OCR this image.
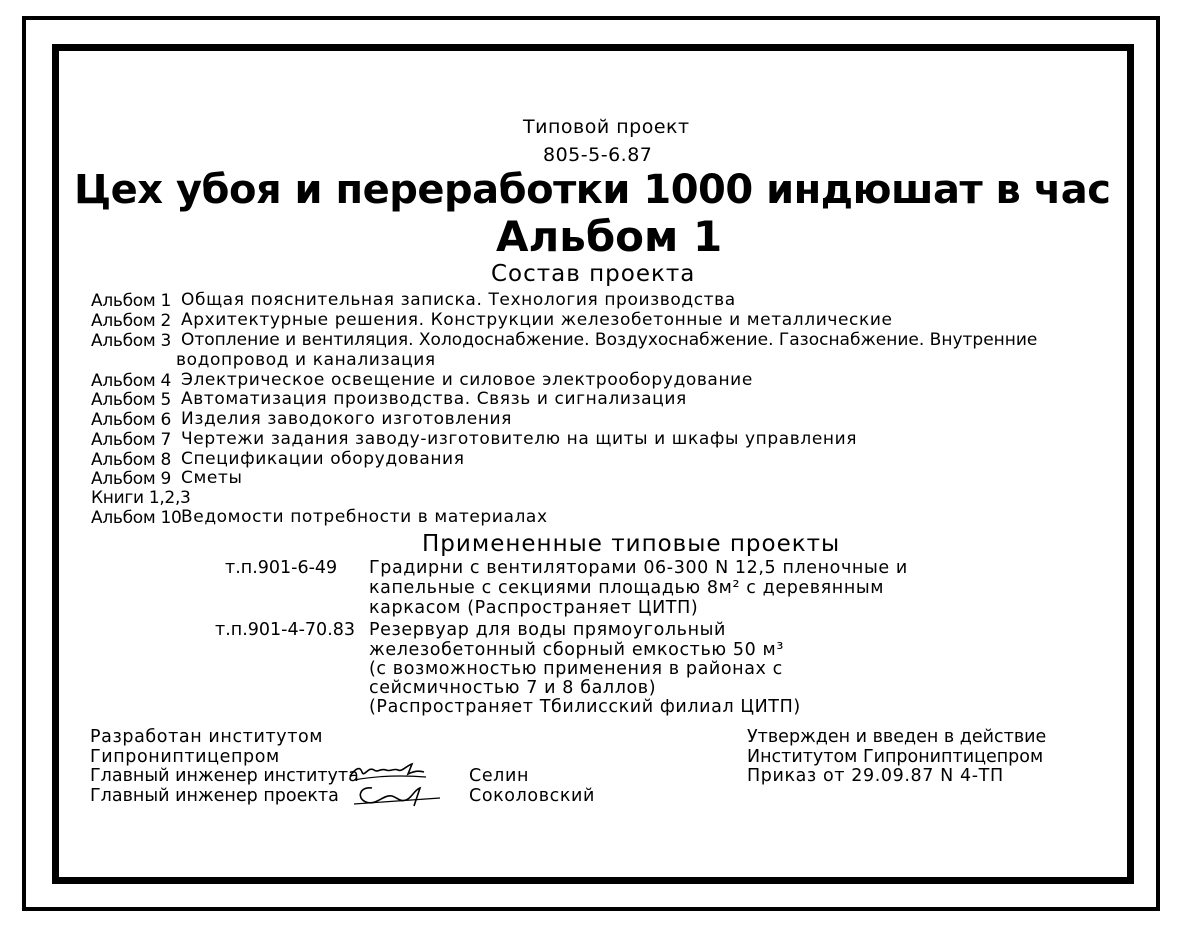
Типовой проект
805-5-6.87
Цех убоя и переработки 1000 индюшат в час
Альбом 1
Состав проекта
Альбом 1 Общая пояснительная записка. Технология производства
Альбом 2 Архитектурные решения. Конструкции железобетонные и металлические
Альбом 3 Отопление и вентиляция. Холодоснабжение. Воздухоснабжение. Газоснабжение. Внутренние
водопровод и канализация
Альбом 4 Электрическое освещение и силовое электрооборудование
Альбом 5 Автоматизация производства. Связь и сигнализация
Альбом 6 Изделия заводокого изготовления
Альбом 7 Чертежи задания заводу-изготовителю на щиты и шкафы управления
Альбом 8 Спецификации оборудования
Альбом 9 Сметы
Книги 1,2,3
Альбом 10 Ведомости потребности в материалах
Примененные типовые проекты
т.п.901-6-49 Градирни с вентиляторами 06-300 N 12,5 пленочные и
капельные с секциями площадью 8м² с деревянным
каркасом (Распространяет ЦИТП)
т.п.901-4-70.83 Резервуар для воды прямоугольный
железобетонный сборный емкостью 50 м³
(с возможностью применения в районах с
сейсмичностью 7 и 8 баллов)
(Распространяет Тбилисский филиал ЦИТП)
Разработан институтом
Гипрониптицепром
Главный инженер института
Главный инженер проекта
Селин
Соколовский
Утвержден и введен в действие
Институтом Гипрониптицепром
Приказ от 29.09.87 N 4-ТП
